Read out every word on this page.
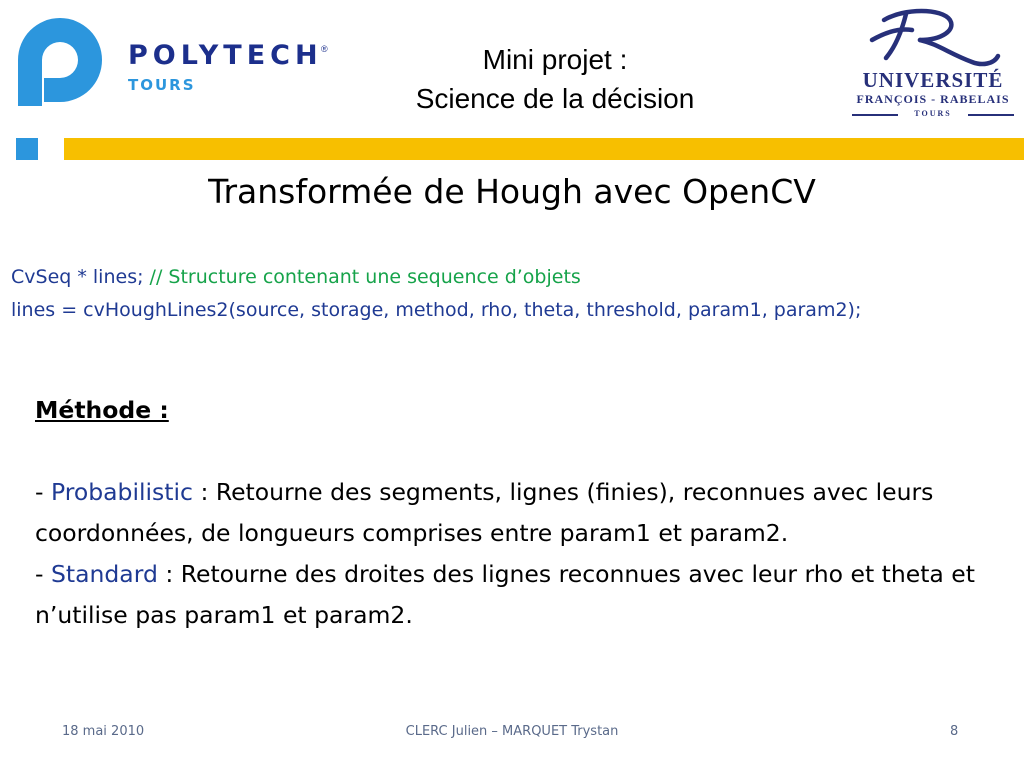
POLYTECH
®
TOURS
Mini projet :
Science de la décision
UNIVERSITÉ
FRANÇOIS - RABELAIS
TOURS
Transformée de Hough avec OpenCV
CvSeq * lines; // Structure contenant une sequence d’objets
lines = cvHoughLines2(source, storage, method, rho, theta, threshold, param1, param2);
Méthode :
- Probabilistic : Retourne des segments, lignes (finies), reconnues avec leurs coordonnées, de longueurs comprises entre param1 et param2.
- Standard : Retourne des droites des lignes reconnues avec leur rho et theta et n’utilise pas param1 et param2.
18 mai 2010	CLERC Julien – MARQUET Trystan	8
